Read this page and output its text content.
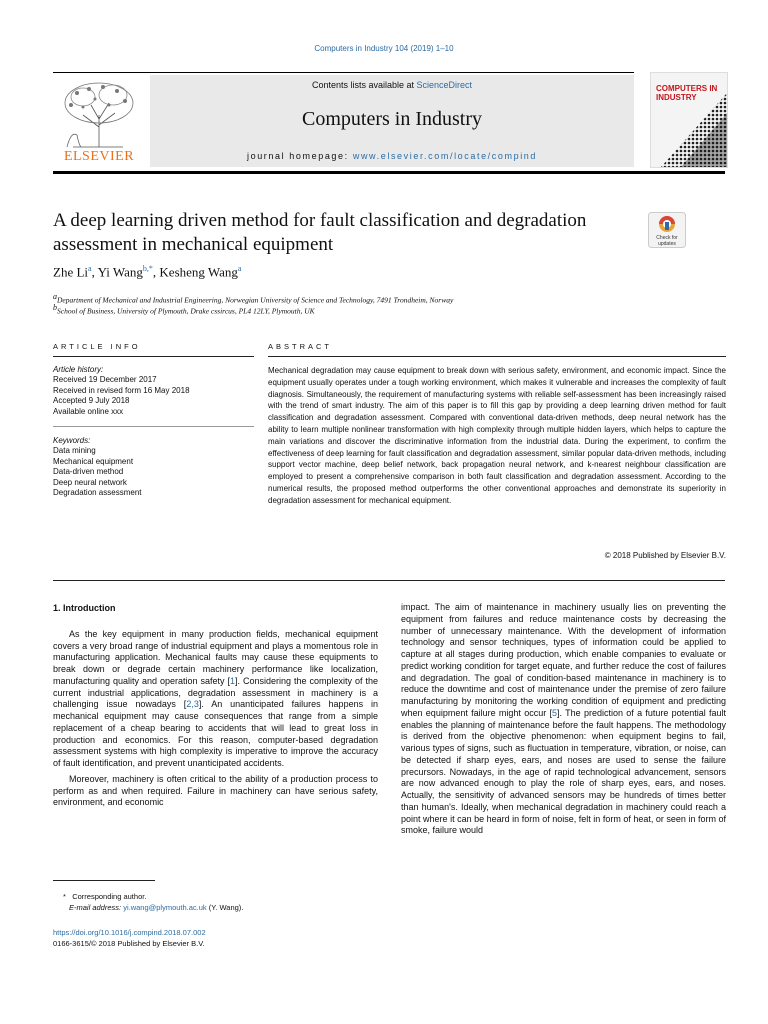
Computers in Industry 104 (2019) 1–10
ELSEVIER
Contents lists available at ScienceDirect
Computers in Industry
journal homepage: www.elsevier.com/locate/compind
COMPUTERS IN
INDUSTRY
A deep learning driven method for fault classification and degradation assessment in mechanical equipment	Check for
updates
Zhe Li$^a$, Yi Wang$^{b,*}$, Kesheng Wang$^a$
$^a$Department of Mechanical and Industrial Engineering, Norwegian University of Science and Technology, 7491 Trondheim, Norway
$^b$School of Business, University of Plymouth, Drake cssircus, PL4 12LY, Plymouth, UK
ARTICLE INFO	ABSTRACT
Article history:
Received 19 December 2017
Received in revised form 16 May 2018
Accepted 9 July 2018
Available online xxx
Keywords:
Data mining
Mechanical equipment
Data-driven method
Deep neural network
Degradation assessment
Mechanical degradation may cause equipment to break down with serious safety, environment, and economic impact. Since the equipment usually operates under a tough working environment, which makes it vulnerable and increases the complexity of fault diagnosis. Simultaneously, the requirement of manufacturing systems with reliable self-assessment has been increasingly raised with the trend of smart industry. The aim of this paper is to fill this gap by providing a deep learning driven method for fault classification and degradation assessment. Compared with conventional data-driven methods, deep neural network has the ability to learn multiple nonlinear transformation with high complexity through multiple hidden layers, which helps to capture the main variations and discover the discriminative information from the industrial data. During the experiment, to confirm the effectiveness of deep learning for fault classification and degradation assessment, similar popular data-driven methods, including support vector machine, deep belief network, back propagation neural network, and k-nearest neighbour classification are employed to present a comprehensive comparison in both fault classification and degradation assessment. According to the numerical results, the proposed method outperforms the other conventional approaches and demonstrate its superiority in degradation assessment for mechanical equipment.
© 2018 Published by Elsevier B.V.
1. Introduction

As the key equipment in many production fields, mechanical equipment covers a very broad range of industrial equipment and plays a momentous role in manufacturing application. Mechanical faults may cause these equipments to break down or degrade certain machinery performance like localization, manufacturing quality and operation safety [1]. Considering the complexity of the current industrial applications, degradation assessment in machinery is a challenging issue nowadays [2,3]. An unanticipated failures happens in mechanical equipment may cause consequences that range from a simple replacement of a cheap bearing to accidents that will lead to great loss in production and economics. For this reason, computer-based degradation assessment systems with high complexity is imperative to improve the accuracy of fault identification, and prevent unanticipated accidents.

Moreover, machinery is often critical to the ability of a production process to perform as and when required. Failure in machinery can have serious safety, environment, and economic

impact. The aim of maintenance in machinery usually lies on preventing the equipment from failures and reduce maintenance costs by decreasing the number of unnecessary maintenance. With the development of information technology and sensor techniques, types of information could be applied to capture at all stages during production, which enable companies to evaluate or predict working condition for target equate, and further reduce the cost of failures and degradation. The goal of condition-based maintenance in machinery is to reduce the downtime and cost of maintenance under the premise of zero failure manufacturing by monitoring the working condition of equipment and predicting when equipment failure might occur [5]. The prediction of a future potential fault enables the planning of maintenance before the fault happens. The methodology is derived from the objective phenomenon: when equipment begins to fail, various types of signs, such as fluctuation in temperature, vibration, or noise, can be detected if sharp eyes, ears, and noses are used to sense the failure precursors. Nowadays, in the age of rapid technological advancement, sensors are now advanced enough to play the role of sharp eyes, ears, and noses. Actually, the sensitivity of advanced sensors may be hundreds of times better than human's. Ideally, when mechanical degradation in machinery could reach a point where it can be heard in form of noise, felt in form of heat, or seen in form of smoke, failure would

* Corresponding author.
E-mail address: yi.wang@plymouth.ac.uk (Y. Wang).
https://doi.org/10.1016/j.compind.2018.07.002
0166-3615/© 2018 Published by Elsevier B.V.
